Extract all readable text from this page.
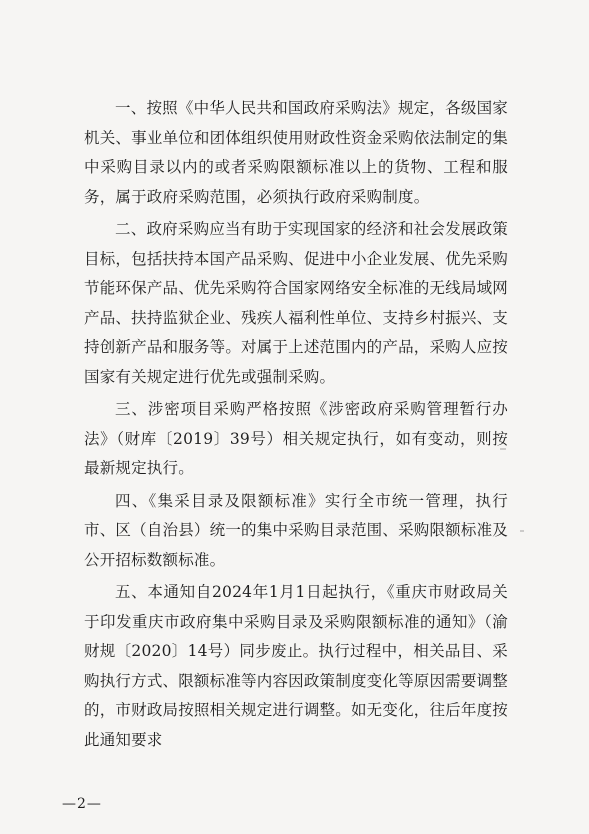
一、按照《中华人民共和国政府采购法》规定，各级国家机关、事业单位和团体组织使用财政性资金采购依法制定的集中采购目录以内的或者采购限额标准以上的货物、工程和服务，属于政府采购范围，必须执行政府采购制度。

二、政府采购应当有助于实现国家的经济和社会发展政策目标，包括扶持本国产品采购、促进中小企业发展、优先采购节能环保产品、优先采购符合国家网络安全标准的无线局域网产品、扶持监狱企业、残疾人福利性单位、支持乡村振兴、支持创新产品和服务等。对属于上述范围内的产品，采购人应按国家有关规定进行优先或强制采购。

三、涉密项目采购严格按照《涉密政府采购管理暂行办法》（财库〔2019〕39号）相关规定执行，如有变动，则按最新规定执行。

四、《集采目录及限额标准》实行全市统一管理，执行市、区（自治县）统一的集中采购目录范围、采购限额标准及公开招标数额标准。

五、本通知自2024年1月1日起执行，《重庆市财政局关于印发重庆市政府集中采购目录及采购限额标准的通知》（渝财规〔2020〕14号）同步废止。执行过程中，相关品目、采购执行方式、限额标准等内容因政策制度变化等原因需要调整的，市财政局按照相关规定进行调整。如无变化，往后年度按此通知要求

—2—
